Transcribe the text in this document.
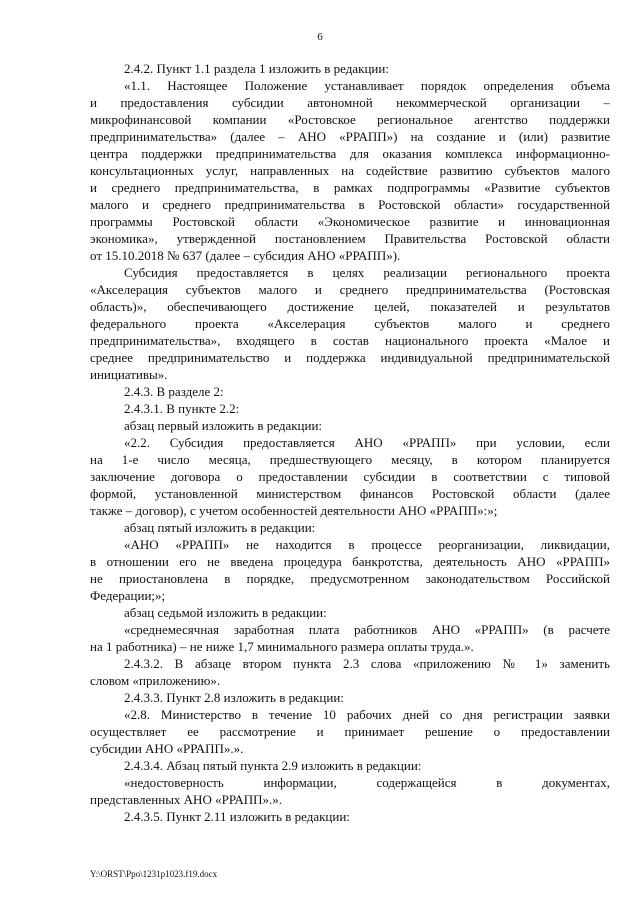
6

2.4.2. Пункт 1.1 раздела 1 изложить в редакции:

«1.1. Настоящее Положение устанавливает порядок определения объема

и предоставления субсидии автономной некоммерческой организации –

микрофинансовой компании «Ростовское региональное агентство поддержки

предпринимательства» (далее – АНО «РРАПП») на создание и (или) развитие

центра поддержки предпринимательства для оказания комплекса информационно-

консультационных услуг, направленных на содействие развитию субъектов малого

и среднего предпринимательства, в рамках подпрограммы «Развитие субъектов

малого и среднего предпринимательства в Ростовской области» государственной

программы Ростовской области «Экономическое развитие и инновационная

экономика», утвержденной постановлением Правительства Ростовской области

от 15.10.2018 № 637 (далее – субсидия АНО «РРАПП»).

Субсидия предоставляется в целях реализации регионального проекта

«Акселерация субъектов малого и среднего предпринимательства (Ростовская

область)», обеспечивающего достижение целей, показателей и результатов

федерального проекта «Акселерация субъектов малого и среднего

предпринимательства», входящего в состав национального проекта «Малое и

среднее предпринимательство и поддержка индивидуальной предпринимательской

инициативы».

2.4.3. В разделе 2:

2.4.3.1. В пункте 2.2:

абзац первый изложить в редакции:

«2.2. Субсидия предоставляется АНО «РРАПП» при условии, если

на 1-е число месяца, предшествующего месяцу, в котором планируется

заключение договора о предоставлении субсидии в соответствии с типовой

формой, установленной министерством финансов Ростовской области (далее

также – договор), с учетом особенностей деятельности АНО «РРАПП»:»;

абзац пятый изложить в редакции:

«АНО «РРАПП» не находится в процессе реорганизации, ликвидации,

в отношении его не введена процедура банкротства, деятельность АНО «РРАПП»

не приостановлена в порядке, предусмотренном законодательством Российской

Федерации;»;

абзац седьмой изложить в редакции:

«среднемесячная заработная плата работников АНО «РРАПП» (в расчете

на 1 работника) – не ниже 1,7 минимального размера оплаты труда.».

2.4.3.2. В абзаце втором пункта 2.3 слова «приложению № 1» заменить

словом «приложению».

2.4.3.3. Пункт 2.8 изложить в редакции:

«2.8. Министерство в течение 10 рабочих дней со дня регистрации заявки

осуществляет ее рассмотрение и принимает решение о предоставлении

субсидии АНО «РРАПП».».

2.4.3.4. Абзац пятый пункта 2.9 изложить в редакции:

«недостоверность информации, содержащейся в документах,

представленных АНО «РРАПП».».

2.4.3.5. Пункт 2.11 изложить в редакции:

Y:\ORST\Ppo\1231p1023.f19.docx
